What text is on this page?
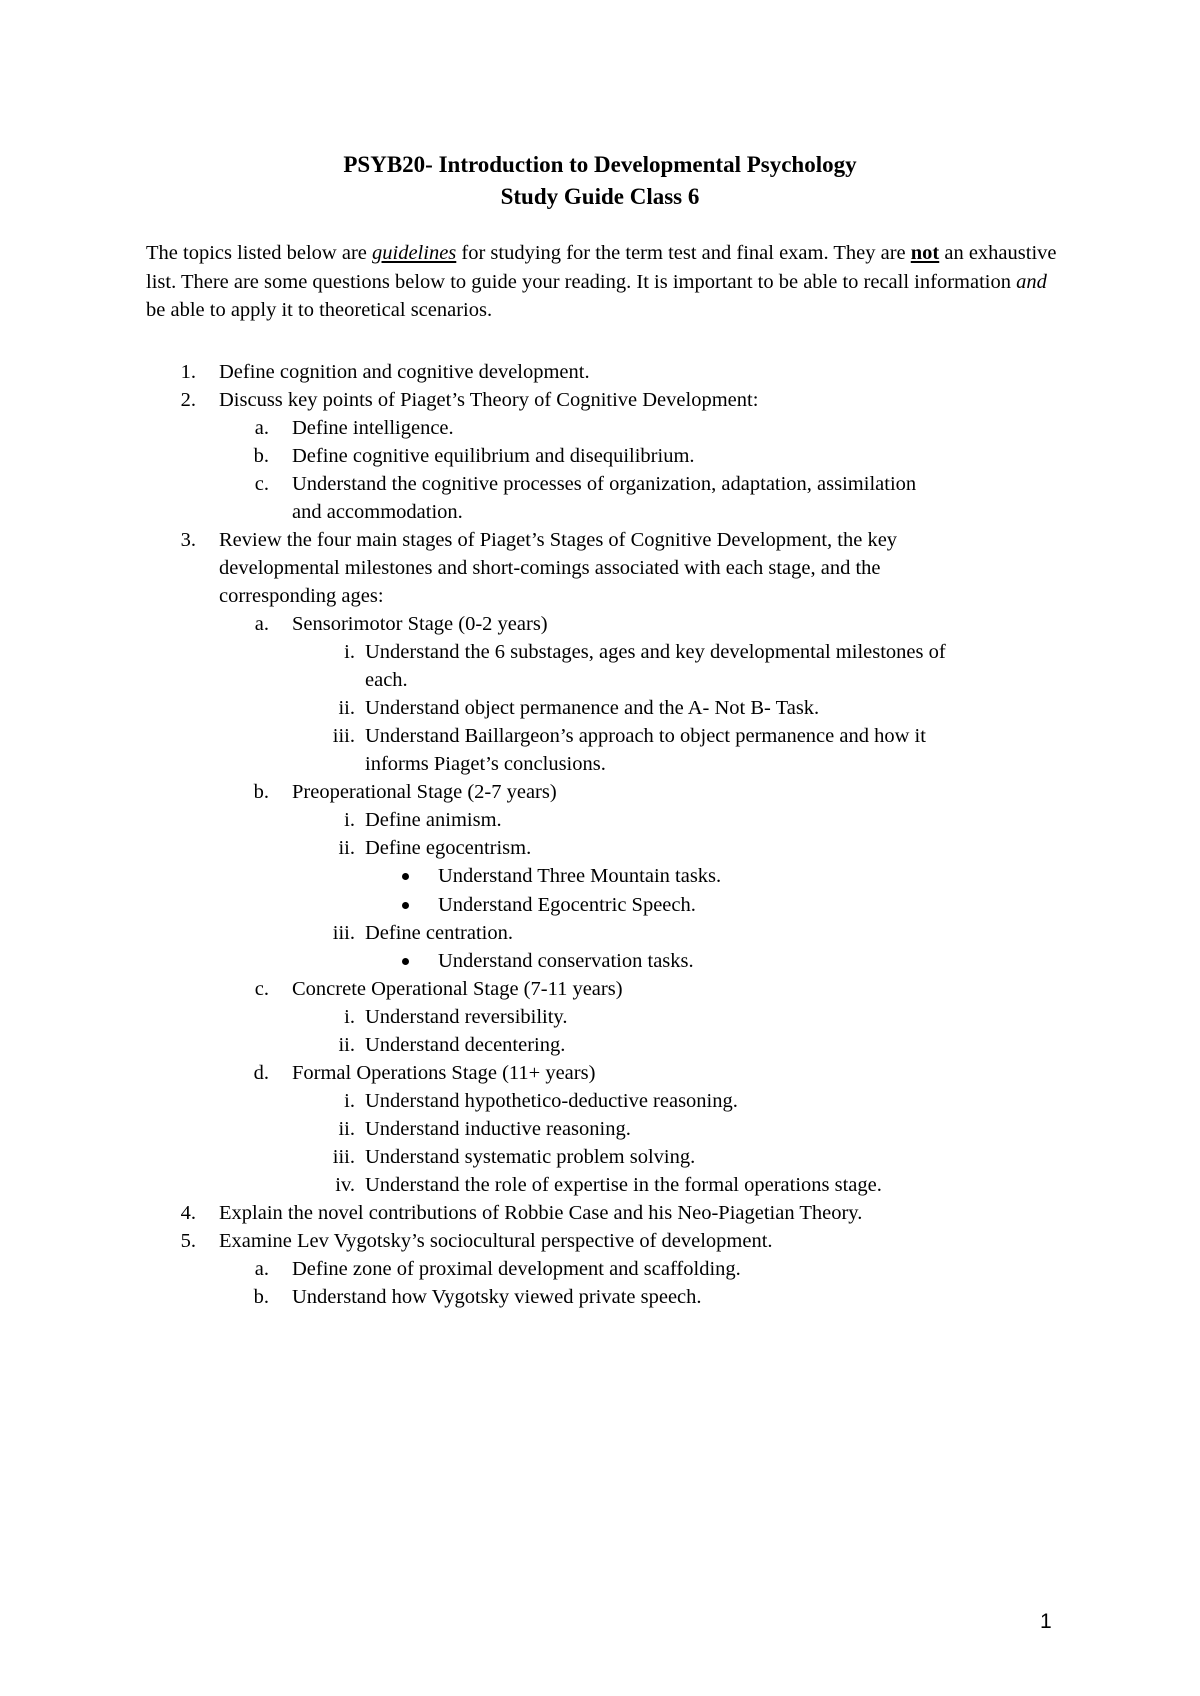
PSYB20- Introduction to Developmental Psychology
Study Guide Class 6
The topics listed below are guidelines for studying for the term test and final exam. They are not an exhaustive list. There are some questions below to guide your reading. It is important to be able to recall information and be able to apply it to theoretical scenarios.
1. Define cognition and cognitive development.
2. Discuss key points of Piaget’s Theory of Cognitive Development:
a. Define intelligence.
b. Define cognitive equilibrium and disequilibrium.
c. Understand the cognitive processes of organization, adaptation, assimilation
and accommodation.
3. Review the four main stages of Piaget’s Stages of Cognitive Development, the key
developmental milestones and short-comings associated with each stage, and the
corresponding ages:
a. Sensorimotor Stage (0-2 years)
i. Understand the 6 substages, ages and key developmental milestones of
each.
ii. Understand object permanence and the A- Not B- Task.
iii. Understand Baillargeon’s approach to object permanence and how it
informs Piaget’s conclusions.
b. Preoperational Stage (2-7 years)
i. Define animism.
ii. Define egocentrism.
Understand Three Mountain tasks.
Understand Egocentric Speech.
iii. Define centration.
Understand conservation tasks.
c. Concrete Operational Stage (7-11 years)
i. Understand reversibility.
ii. Understand decentering.
d. Formal Operations Stage (11+ years)
i. Understand hypothetico-deductive reasoning.
ii. Understand inductive reasoning.
iii. Understand systematic problem solving.
iv. Understand the role of expertise in the formal operations stage.
4. Explain the novel contributions of Robbie Case and his Neo-Piagetian Theory.
5. Examine Lev Vygotsky’s sociocultural perspective of development.
a. Define zone of proximal development and scaffolding.
b. Understand how Vygotsky viewed private speech.
1
